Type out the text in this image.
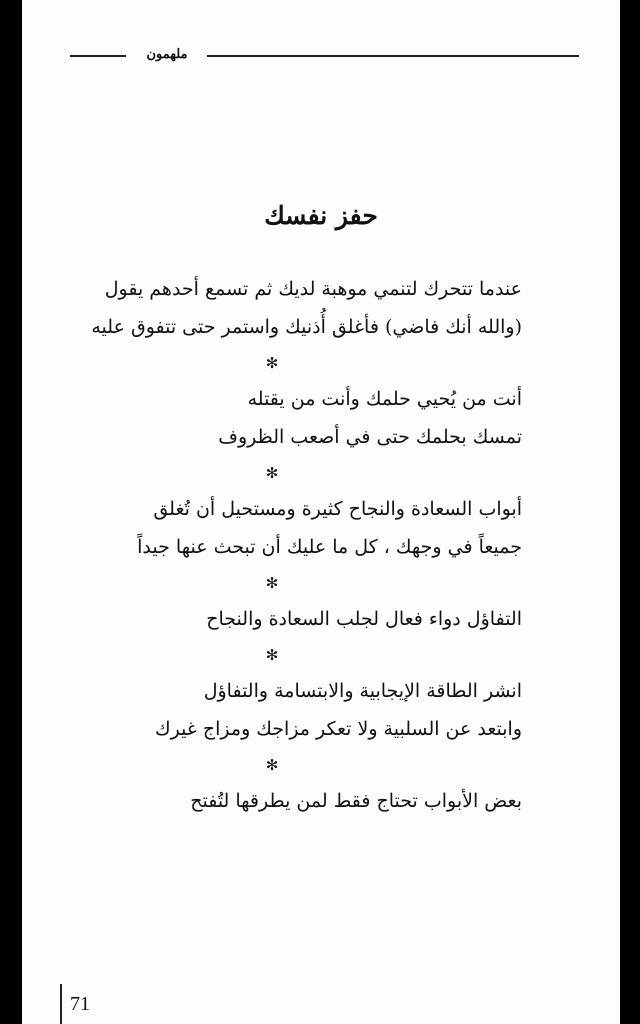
ملهمون
حفز نفسك

عندما تتحرك لتنمي موهبة لديك ثم تسمع أحدهم يقول
(والله أنك فاضي) فأغلق أُذنيك واستمر حتى تتفوق عليه

✻

أنت من يُحيي حلمك وأنت من يقتله
تمسك بحلمك حتى في أصعب الظروف

✻

أبواب السعادة والنجاح كثيرة ومستحيل أن تُغلق
جميعاً في وجهك ، كل ما عليك أن تبحث عنها جيداً

✻

التفاؤل دواء فعال لجلب السعادة والنجاح

✻

انشر الطاقة الإيجابية والابتسامة والتفاؤل
وابتعد عن السلبية ولا تعكر مزاجك ومزاج غيرك

✻

بعض الأبواب تحتاج فقط لمن يطرقها لتُفتح

71
